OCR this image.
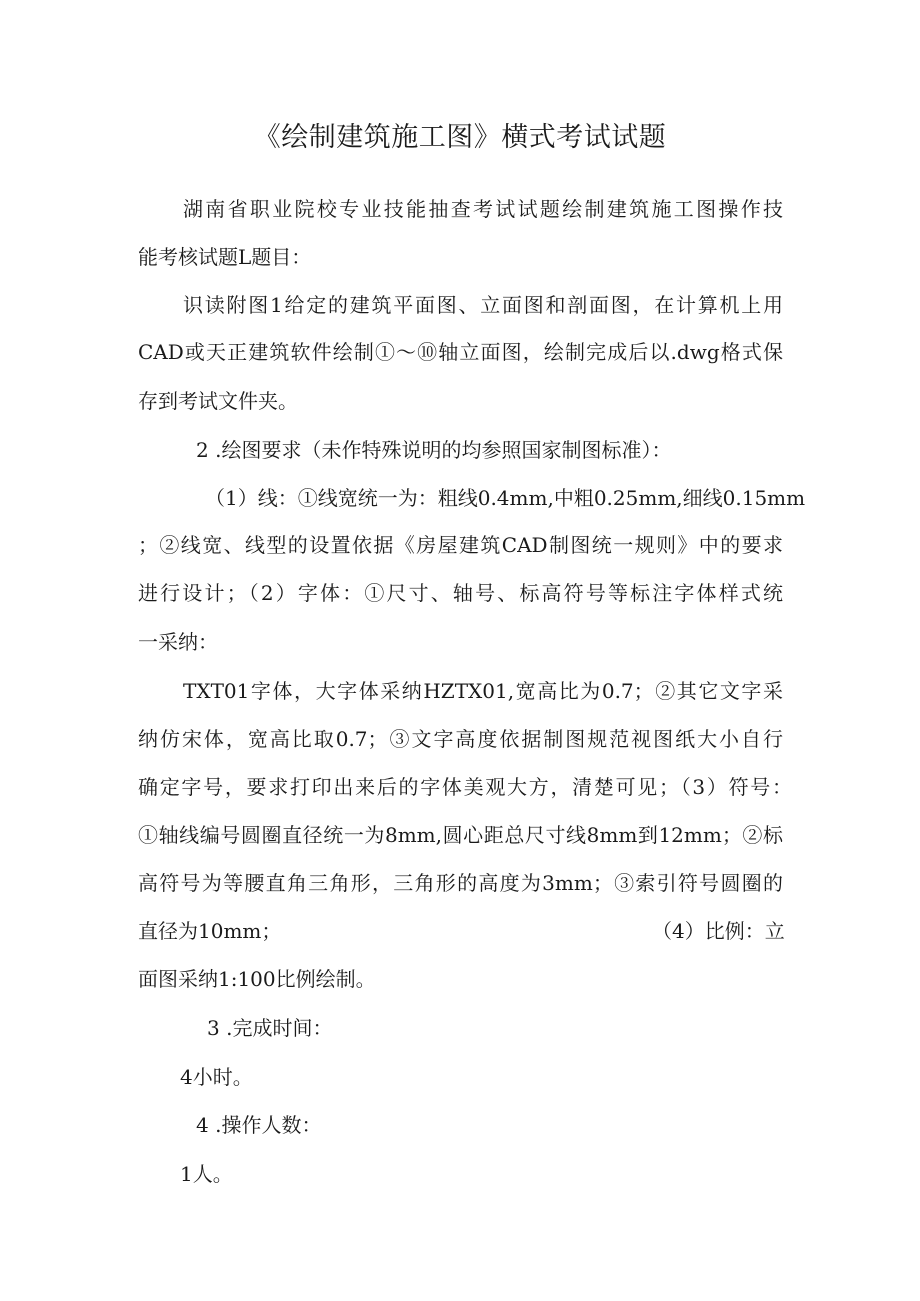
《绘制建筑施工图》横式考试试题
湖南省职业院校专业技能抽查考试试题绘制建筑施工图操作技
能考核试题L题目：
识读附图1给定的建筑平面图、立面图和剖面图，在计算机上用
CAD或天正建筑软件绘制①～⑩轴立面图，绘制完成后以.dwg格式保
存到考试文件夹。
2 .绘图要求（未作特殊说明的均参照国家制图标准）：
（1）线：①线宽统一为：粗线0.4mm,中粗0.25mm,细线0.15mm
；②线宽、线型的设置依据《房屋建筑CAD制图统一规则》中的要求
进行设计；（2）字体：①尺寸、轴号、标高符号等标注字体样式统
一采纳：
TXT01字体，大字体采纳HZTX01,宽高比为0.7；②其它文字采
纳仿宋体，宽高比取0.7；③文字高度依据制图规范视图纸大小自行
确定字号，要求打印出来后的字体美观大方，清楚可见；（3）符号：
①轴线编号圆圈直径统一为8mm,圆心距总尺寸线8mm到12mm；②标
高符号为等腰直角三角形，三角形的高度为3mm；③索引符号圆圈的
直径为10mm；	（4）比例：立
面图采纳1:100比例绘制。
3 .完成时间：
4小时。
4 .操作人数：
1人。
